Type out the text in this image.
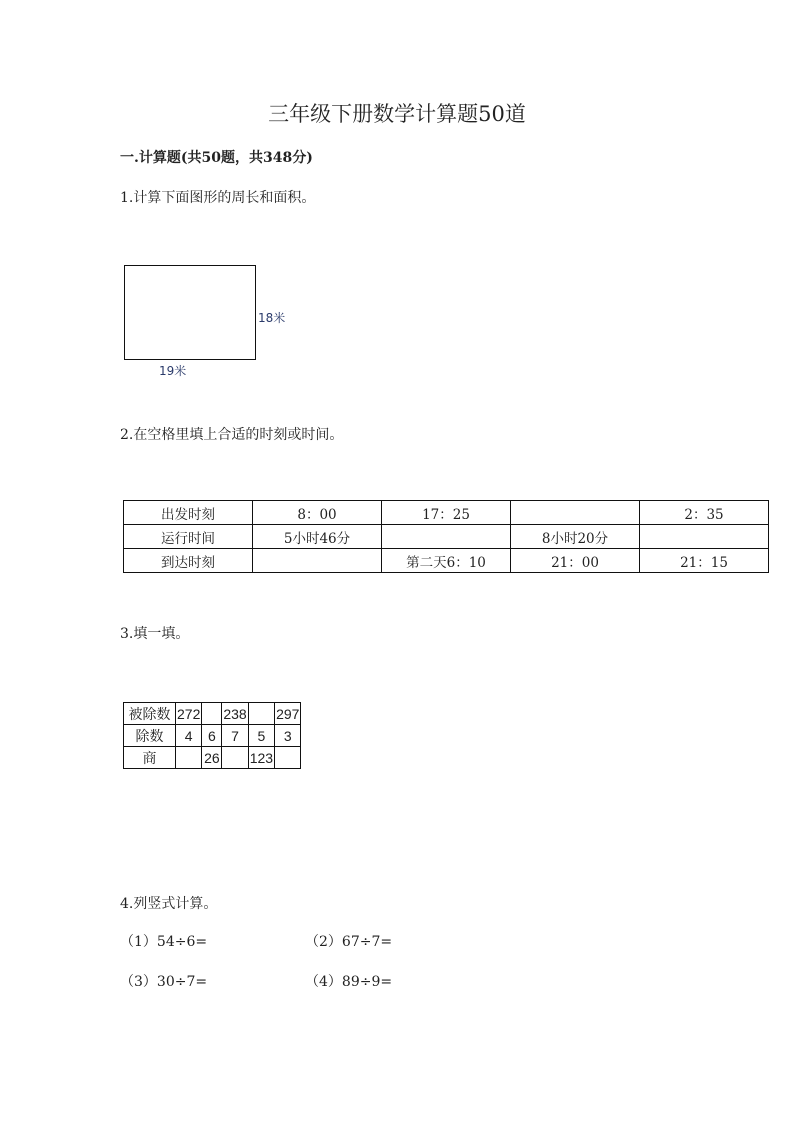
三年级下册数学计算题50道
一.计算题(共50题，共348分)
1.计算下面图形的周长和面积。
18米
19米
2.在空格里填上合适的时刻或时间。
出发时刻	8：00	17：25		2：35
运行时间	5小时46分		8小时20分	
到达时刻		第二天6：10	21：00	21：15
3.填一填。
被除数	272		238		297
除数	4	6	7	5	3
商		26		123	
4.列竖式计算。
（1）54÷6=	（2）67÷7=
（3）30÷7=	（4）89÷9=
